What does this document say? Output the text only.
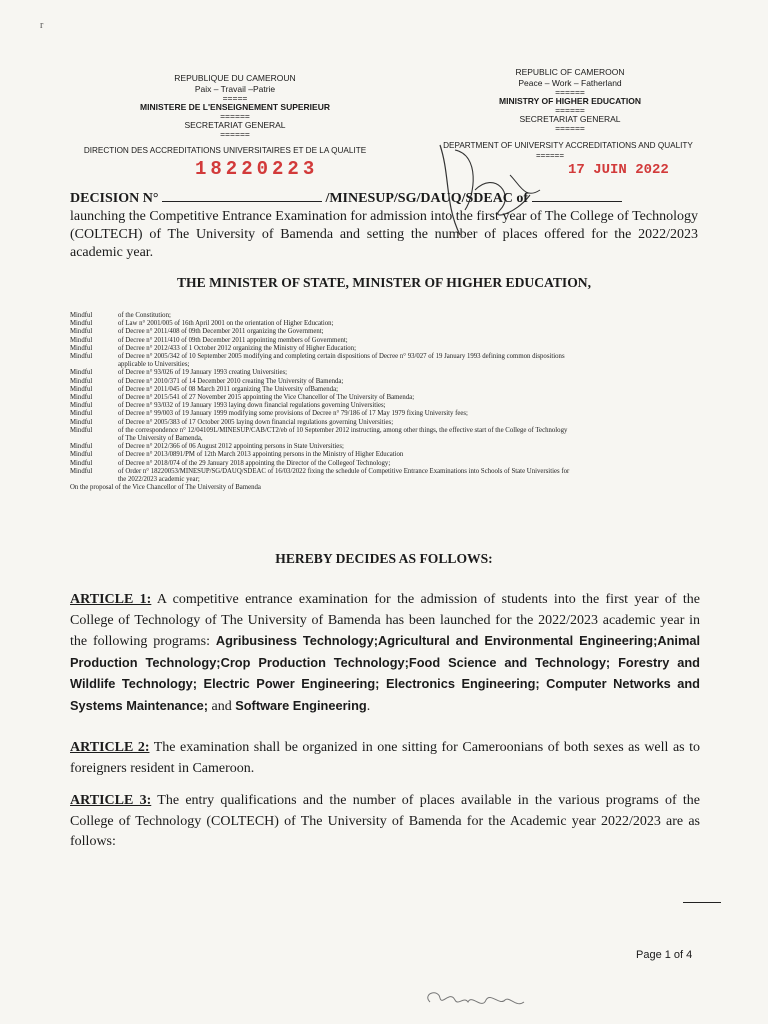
REPUBLIQUE DU CAMEROUN
Paix – Travail –Patrie
=====
MINISTERE DE L'ENSEIGNEMENT SUPERIEUR
======
SECRETARIAT GENERAL
======
DIRECTION DES ACCREDITATIONS UNIVERSITAIRES ET DE LA QUALITE
REPUBLIC OF CAMEROON
Peace – Work – Fatherland
======
MINISTRY OF HIGHER EDUCATION
======
SECRETARIAT GENERAL
======
DEPARTMENT OF UNIVERSITY ACCREDITATIONS AND QUALITY
======
18220223	17 JUIN 2022
r
DECISION N°	/MINESUP/SG/DAUQ/SDEAC of
launching the Competitive Entrance Examination for admission into the first year of The College of Technology (COLTECH) of The University of Bamenda and setting the number of places offered for the 2022/2023 academic year.
THE MINISTER OF STATE, MINISTER OF HIGHER EDUCATION,
Mindful	of the Constitution;
Mindful	of Law n° 2001/005 of 16th April 2001 on the orientation of Higher Education;
Mindful	of Decree n° 2011/408 of 09th December 2011 organizing the Government;
Mindful	of Decree n° 2011/410 of 09th December 2011 appointing members of Government;
Mindful	of Decree n° 2012/433 of 1 October 2012 organizing the Ministry of Higher Education;
Mindful	of Decree n° 2005/342 of 10 September 2005 modifying and completing certain dispositions of Decree n° 93/027 of 19 January 1993 defining common dispositions applicable to Universities;
Mindful	of Decree n° 93/026 of 19 January 1993 creating Universities;
Mindful	of Decree n° 2010/371 of 14 December 2010 creating The University of Bamenda;
Mindful	of Decree n° 2011/045 of 08 March 2011 organizing The University ofBamenda;
Mindful	of Decree n° 2015/541 of 27 November 2015 appointing the Vice Chancellor of The University of Bamenda;
Mindful	of Decree n° 93/032 of 19 January 1993 laying down financial regulations governing Universities;
Mindful	of Decree n° 99/003 of 19 January 1999 modifying some provisions of Decree n° 79/186 of 17 May 1979 fixing University fees;
Mindful	of Decree n° 2005/383 of 17 October 2005 laying down financial regulations governing Universities;
Mindful	of the correspondence n° 12/04109L/MINESUP/CAB/CT2/eb of 10 September 2012 instructing, among other things, the effective start of the College of Technology of The University of Bamenda,
Mindful	of Decree n° 2012/366 of 06 August 2012 appointing persons in State Universities;
Mindful	of Decree n° 2013/0891/PM of 12th March 2013 appointing persons in the Ministry of Higher Education
Mindful	of Decree n° 2018/074 of the 29 January 2018 appointing the Director of the Collegeof Technology;
Mindful	of Order n° 18220053/MINESUP/SG/DAUQ/SDEAC of 16/03/2022 fixing the schedule of Competitive Entrance Examinations into Schools of State Universities for the 2022/2023 academic year;
On the proposal of the Vice Chancellor of The University of Bamenda
HEREBY DECIDES AS FOLLOWS:
ARTICLE 1: A competitive entrance examination for the admission of students into the first year of the College of Technology of The University of Bamenda has been launched for the 2022/2023 academic year in the following programs: Agribusiness Technology;Agricultural and Environmental Engineering;Animal Production Technology;Crop Production Technology;Food Science and Technology; Forestry and Wildlife Technology; Electric Power Engineering; Electronics Engineering; Computer Networks and Systems Maintenance; and Software Engineering.
ARTICLE 2: The examination shall be organized in one sitting for Cameroonians of both sexes as well as to foreigners resident in Cameroon.
ARTICLE 3: The entry qualifications and the number of places available in the various programs of the College of Technology (COLTECH) of The University of Bamenda for the Academic year 2022/2023 are as follows:
Page 1 of 4
